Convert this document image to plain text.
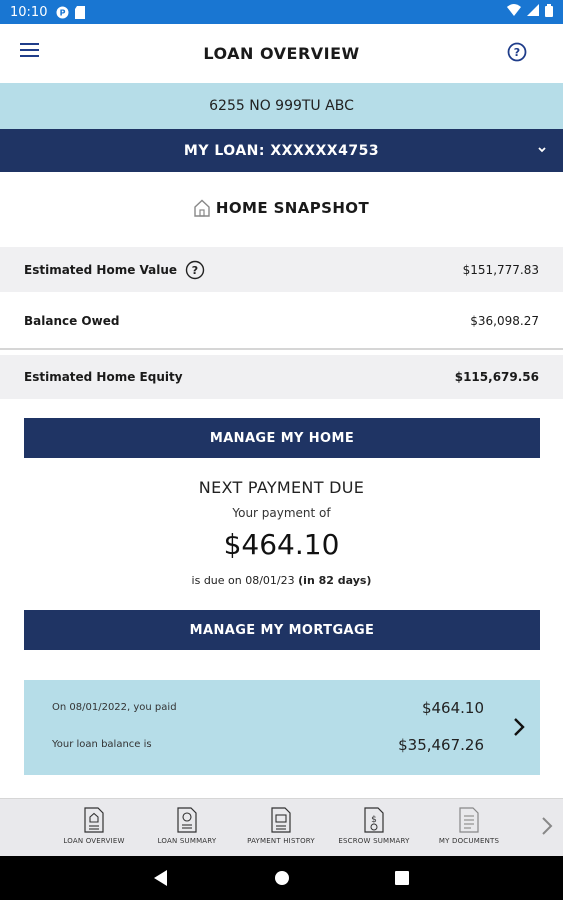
10:10 P
LOAN OVERVIEW	?
6255 NO 999TU ABC
MY LOAN: XXXXXX4753
HOME SNAPSHOT
Estimated Home Value ?	$151,777.83
Balance Owed	$36,098.27
Estimated Home Equity	$115,679.56
MANAGE MY HOME
NEXT PAYMENT DUE
Your payment of
$464.10
is due on 08/01/23 (in 82 days)
MANAGE MY MORTGAGE
On 08/01/2022, you paid	$464.10
Your loan balance is	$35,467.26
LOAN OVERVIEW	LOAN SUMMARY	PAYMENT HISTORY
$
ESCROW SUMMARY	MY DOCUMENTS
